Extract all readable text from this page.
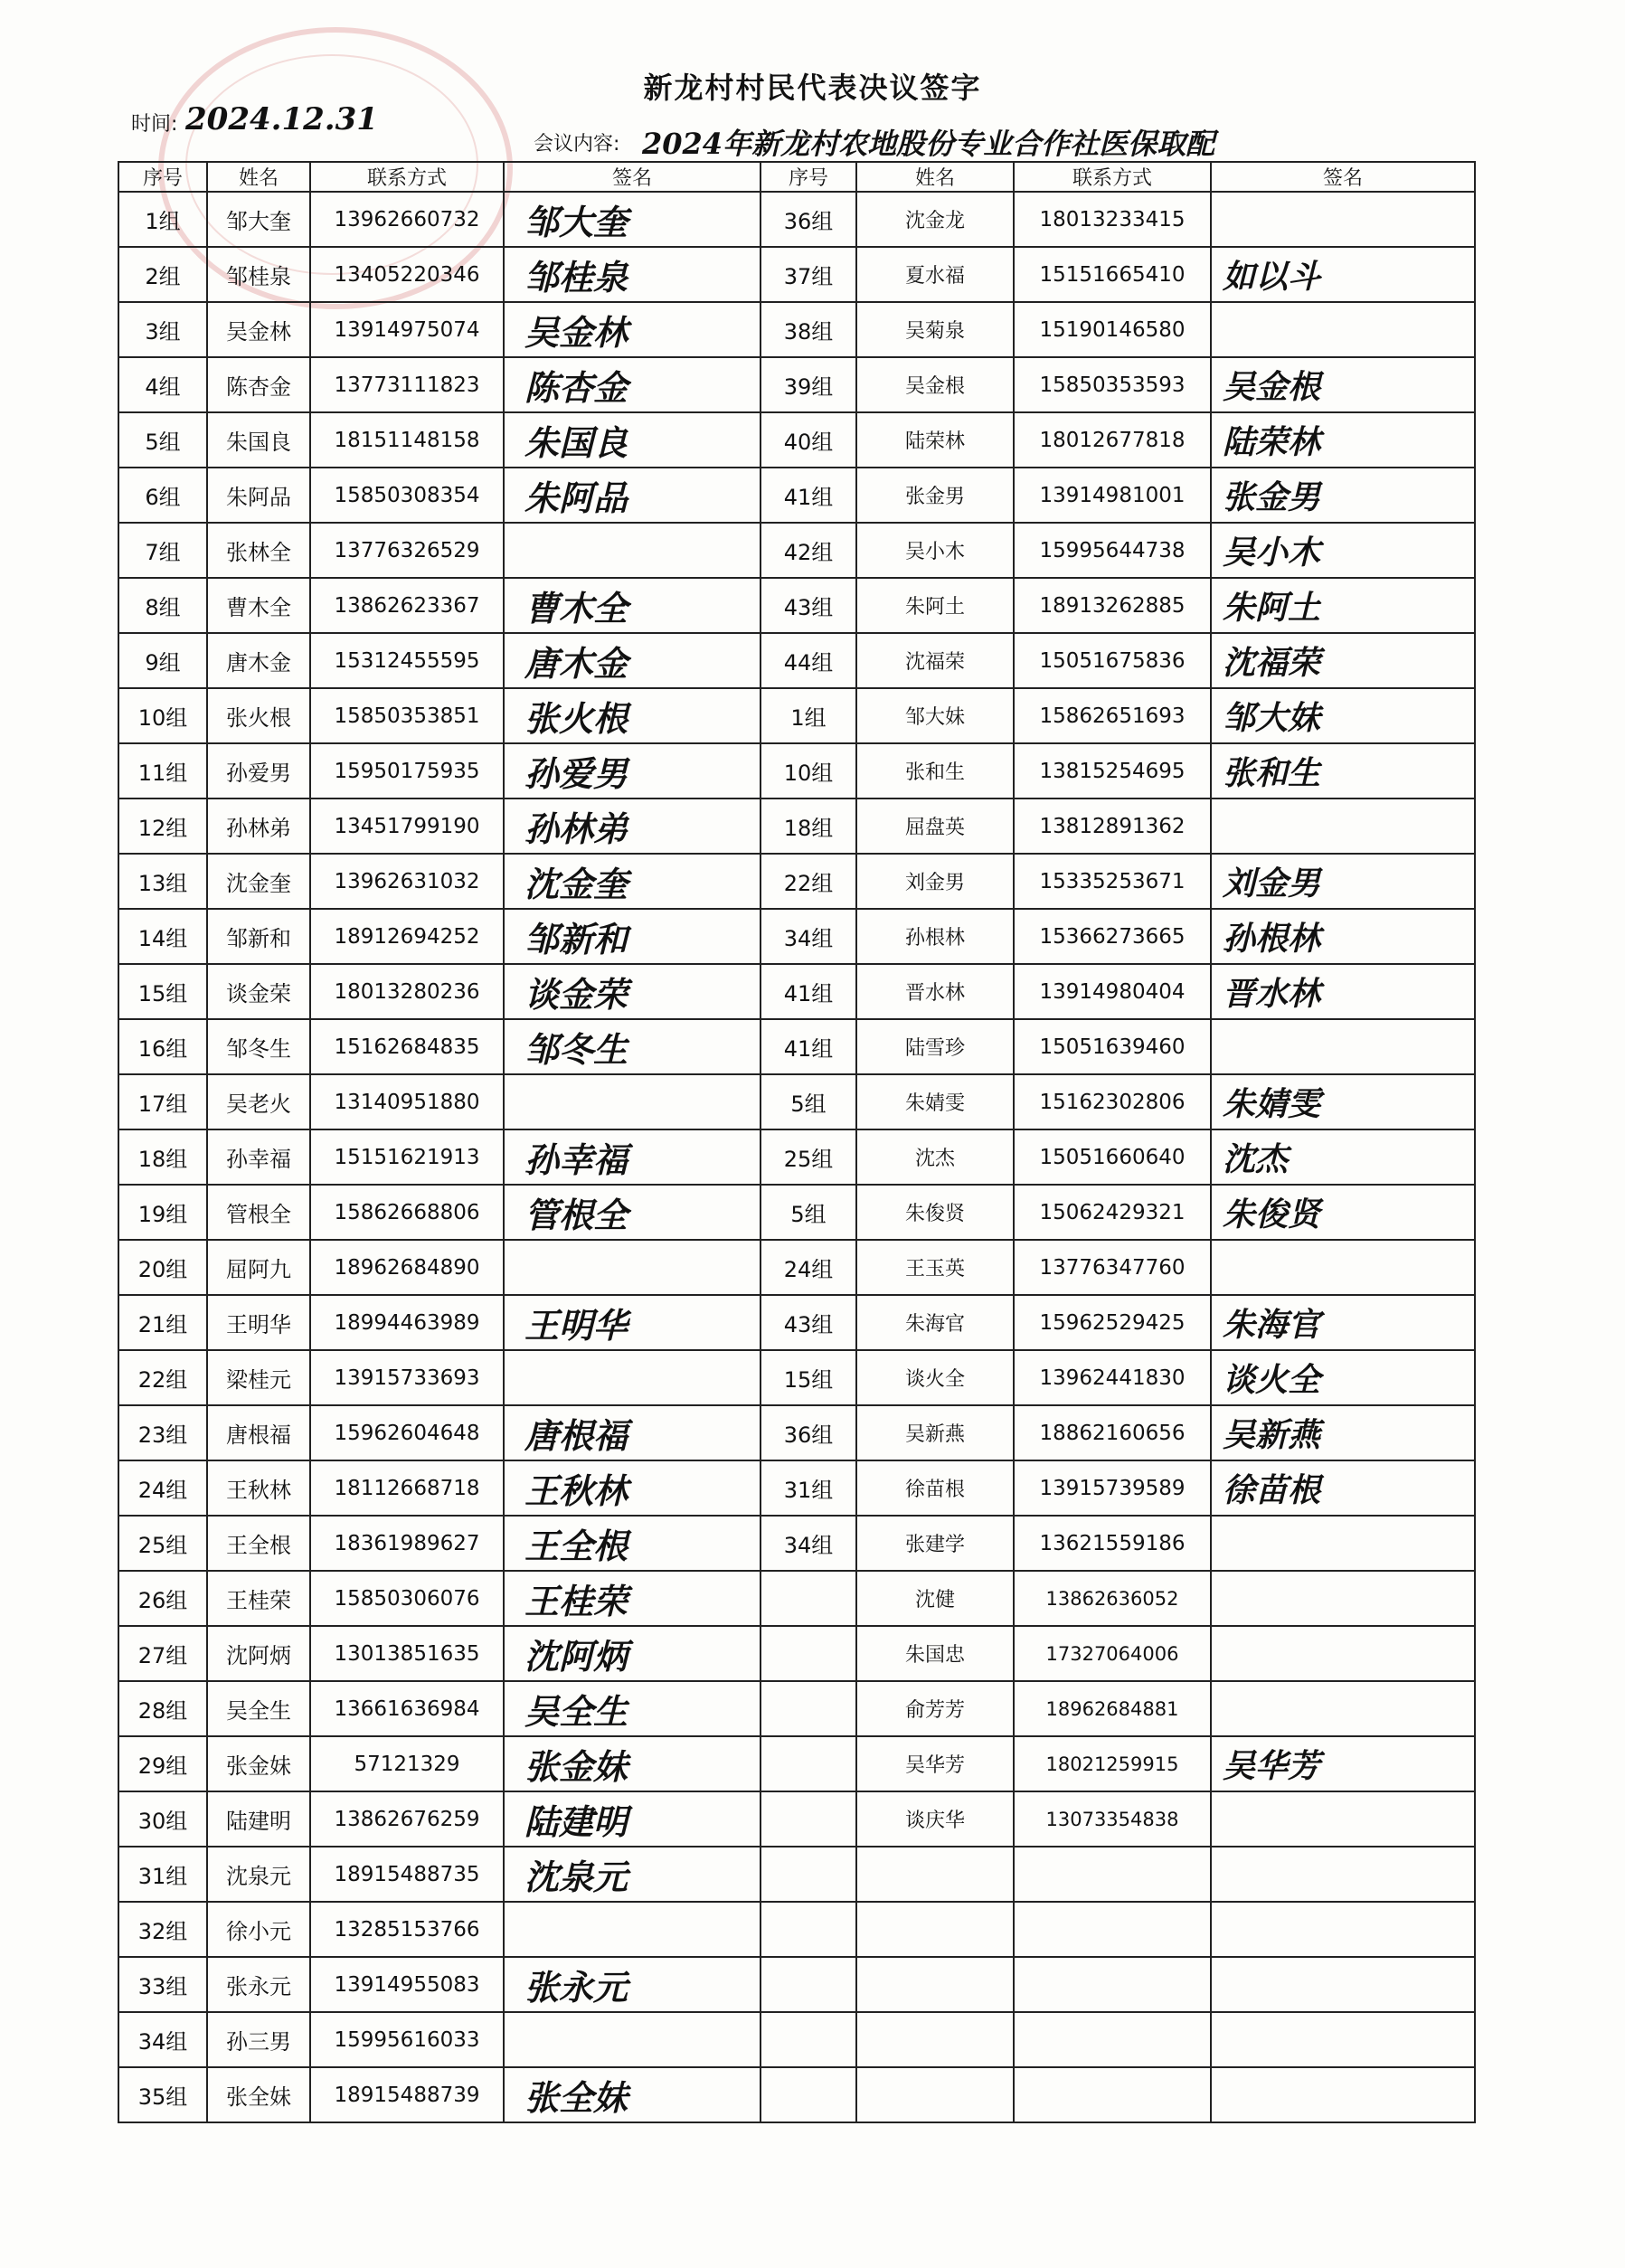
新龙村村民代表决议签字
时间: 2024.12.31
会议内容: 2024年新龙村农地股份专业合作社医保取配
序号	姓名	联系方式	签名	序号	姓名	联系方式	签名
1组	邹大奎	13962660732	邹大奎	36组	沈金龙	18013233415	
2组	邹桂泉	13405220346	邹桂泉	37组	夏水福	15151665410	如以斗
3组	吴金林	13914975074	吴金林	38组	吴菊泉	15190146580	
4组	陈杏金	13773111823	陈杏金	39组	吴金根	15850353593	吴金根
5组	朱国良	18151148158	朱国良	40组	陆荣林	18012677818	陆荣林
6组	朱阿品	15850308354	朱阿品	41组	张金男	13914981001	张金男
7组	张林全	13776326529		42组	吴小木	15995644738	吴小木
8组	曹木全	13862623367	曹木全	43组	朱阿土	18913262885	朱阿土
9组	唐木金	15312455595	唐木金	44组	沈福荣	15051675836	沈福荣
10组	张火根	15850353851	张火根	1组	邹大妹	15862651693	邹大妹
11组	孙爱男	15950175935	孙爱男	10组	张和生	13815254695	张和生
12组	孙林弟	13451799190	孙林弟	18组	屈盘英	13812891362	
13组	沈金奎	13962631032	沈金奎	22组	刘金男	15335253671	刘金男
14组	邹新和	18912694252	邹新和	34组	孙根林	15366273665	孙根林
15组	谈金荣	18013280236	谈金荣	41组	晋水林	13914980404	晋水林
16组	邹冬生	15162684835	邹冬生	41组	陆雪珍	15051639460	
17组	吴老火	13140951880		5组	朱婧雯	15162302806	朱婧雯
18组	孙幸福	15151621913	孙幸福	25组	沈杰	15051660640	沈杰
19组	管根全	15862668806	管根全	5组	朱俊贤	15062429321	朱俊贤
20组	屈阿九	18962684890		24组	王玉英	13776347760	
21组	王明华	18994463989	王明华	43组	朱海官	15962529425	朱海官
22组	梁桂元	13915733693		15组	谈火全	13962441830	谈火全
23组	唐根福	15962604648	唐根福	36组	吴新燕	18862160656	吴新燕
24组	王秋林	18112668718	王秋林	31组	徐苗根	13915739589	徐苗根
25组	王全根	18361989627	王全根	34组	张建学	13621559186	
26组	王桂荣	15850306076	王桂荣		沈健	13862636052	
27组	沈阿炳	13013851635	沈阿炳		朱国忠	17327064006	
28组	吴全生	13661636984	吴全生		俞芳芳	18962684881	
29组	张金妹	57121329	张金妹		吴华芳	18021259915	吴华芳
30组	陆建明	13862676259	陆建明		谈庆华	13073354838	
31组	沈泉元	18915488735	沈泉元				
32组	徐小元	13285153766					
33组	张永元	13914955083	张永元				
34组	孙三男	15995616033					
35组	张全妹	18915488739	张全妹				
